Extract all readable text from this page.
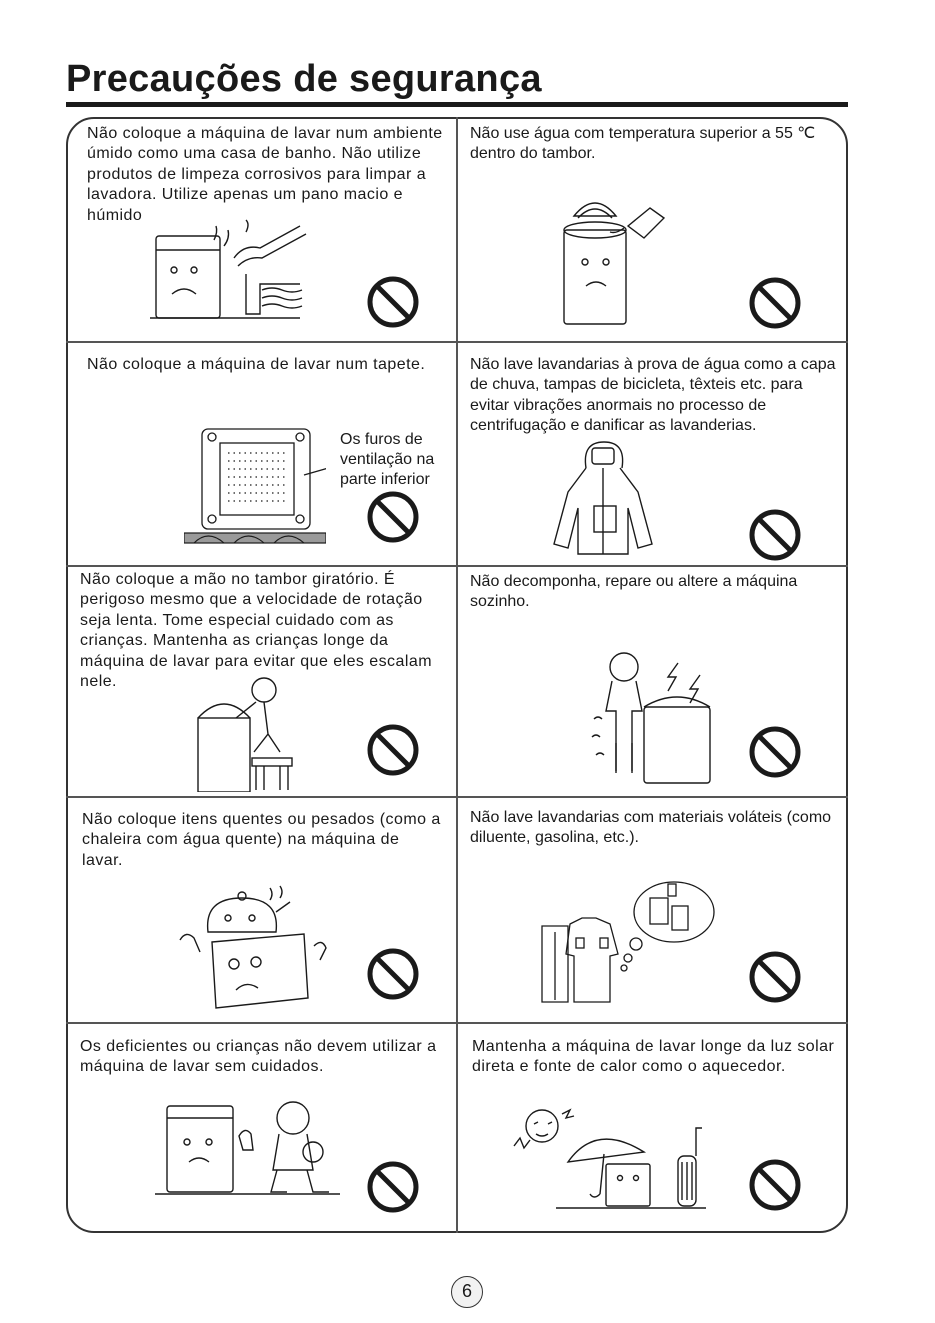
Precauções de segurança
Não coloque a máquina de lavar num ambiente úmido como uma casa de banho. Não utilize produtos de limpeza corrosivos para limpar a lavadora. Utilize apenas um pano macio e húmido
Não use água com temperatura superior a 55 ℃ dentro do tambor.
Não coloque a máquina de lavar num tapete.
Os furos de ventilação na parte inferior
Não lave lavandarias à prova de água como a capa de chuva, tampas de bicicleta, têxteis etc. para evitar vibrações anormais no processo de centrifugação e danificar as lavanderias.
Não coloque a mão no tambor giratório. É perigoso mesmo que a velocidade de rotação seja lenta. Tome especial cuidado com as crianças. Mantenha as crianças longe da máquina de lavar para evitar que eles escalam nele.
Não decomponha, repare ou altere a máquina sozinho.
Não coloque itens quentes ou pesados (como a chaleira com água quente) na máquina de lavar.
Não lave lavandarias com materiais voláteis (como diluente, gasolina, etc.).
Os deficientes ou crianças não devem utilizar a máquina de lavar sem cuidados.
Mantenha a máquina de lavar longe da luz solar direta e fonte de calor como o aquecedor.
6
